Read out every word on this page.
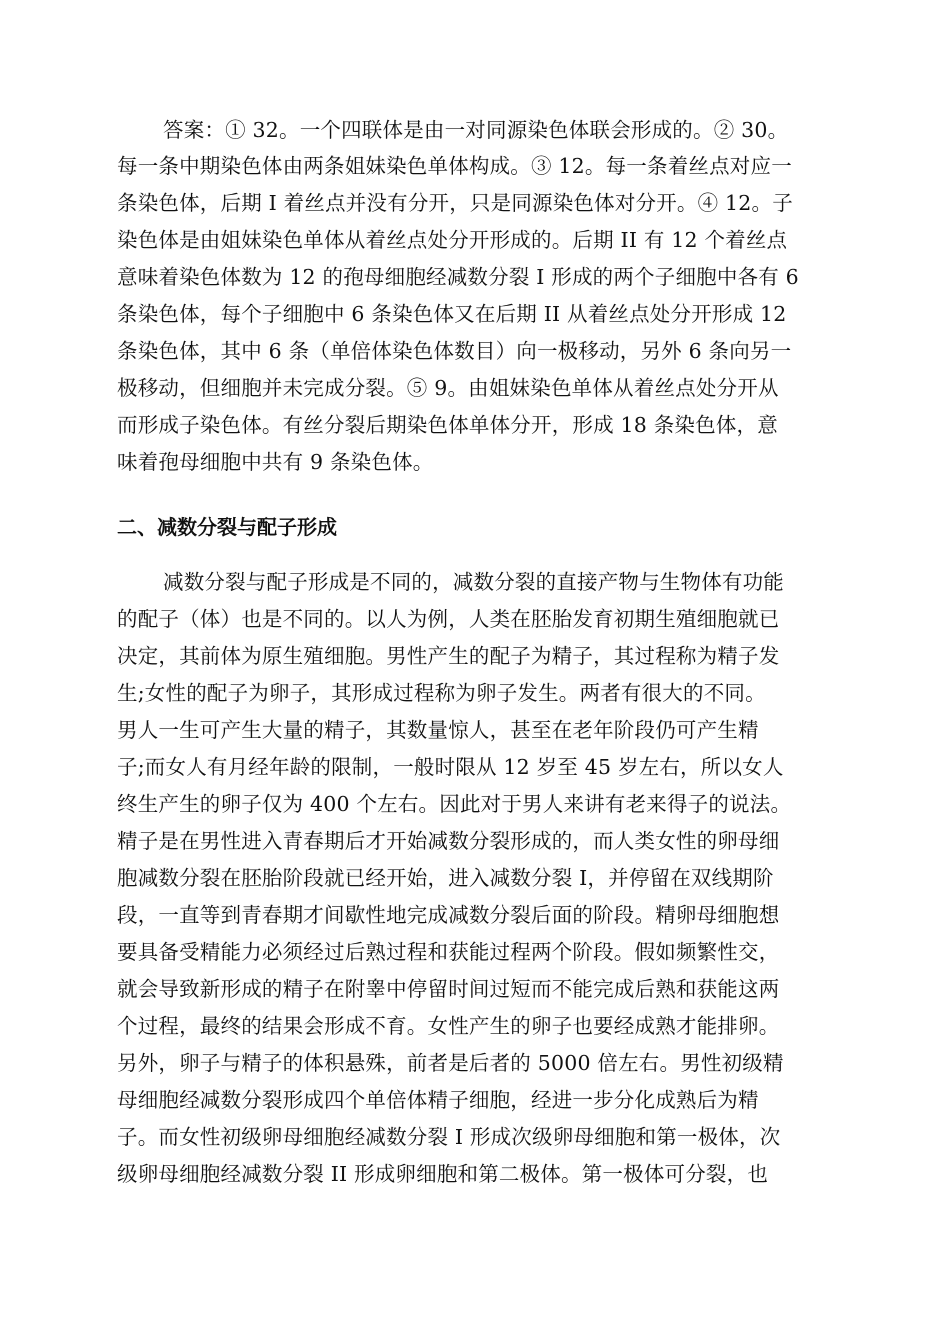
答案：① 32。一个四联体是由一对同源染色体联会形成的。② 30。
每一条中期染色体由两条姐妹染色单体构成。③ 12。每一条着丝点对应一
条染色体，后期 I 着丝点并没有分开，只是同源染色体对分开。④ 12。子
染色体是由姐妹染色单体从着丝点处分开形成的。后期 II 有 12 个着丝点
意味着染色体数为 12 的孢母细胞经减数分裂 I 形成的两个子细胞中各有 6
条染色体，每个子细胞中 6 条染色体又在后期 II 从着丝点处分开形成 12
条染色体，其中 6 条（单倍体染色体数目）向一极移动，另外 6 条向另一
极移动，但细胞并未完成分裂。⑤ 9。由姐妹染色单体从着丝点处分开从
而形成子染色体。有丝分裂后期染色体单体分开，形成 18 条染色体，意
味着孢母细胞中共有 9 条染色体。
二、减数分裂与配子形成
减数分裂与配子形成是不同的，减数分裂的直接产物与生物体有功能
的配子（体）也是不同的。以人为例，人类在胚胎发育初期生殖细胞就已
决定，其前体为原生殖细胞。男性产生的配子为精子，其过程称为精子发
生;女性的配子为卵子，其形成过程称为卵子发生。两者有很大的不同。
男人一生可产生大量的精子，其数量惊人，甚至在老年阶段仍可产生精
子;而女人有月经年龄的限制，一般时限从 12 岁至 45 岁左右，所以女人
终生产生的卵子仅为 400 个左右。因此对于男人来讲有老来得子的说法。
精子是在男性进入青春期后才开始减数分裂形成的，而人类女性的卵母细
胞减数分裂在胚胎阶段就已经开始，进入减数分裂 I，并停留在双线期阶
段，一直等到青春期才间歇性地完成减数分裂后面的阶段。精卵母细胞想
要具备受精能力必须经过后熟过程和获能过程两个阶段。假如频繁性交，
就会导致新形成的精子在附睾中停留时间过短而不能完成后熟和获能这两
个过程，最终的结果会形成不育。女性产生的卵子也要经成熟才能排卵。
另外，卵子与精子的体积悬殊，前者是后者的 5000 倍左右。男性初级精
母细胞经减数分裂形成四个单倍体精子细胞，经进一步分化成熟后为精
子。而女性初级卵母细胞经减数分裂 I 形成次级卵母细胞和第一极体，次
级卵母细胞经减数分裂 II 形成卵细胞和第二极体。第一极体可分裂，也
